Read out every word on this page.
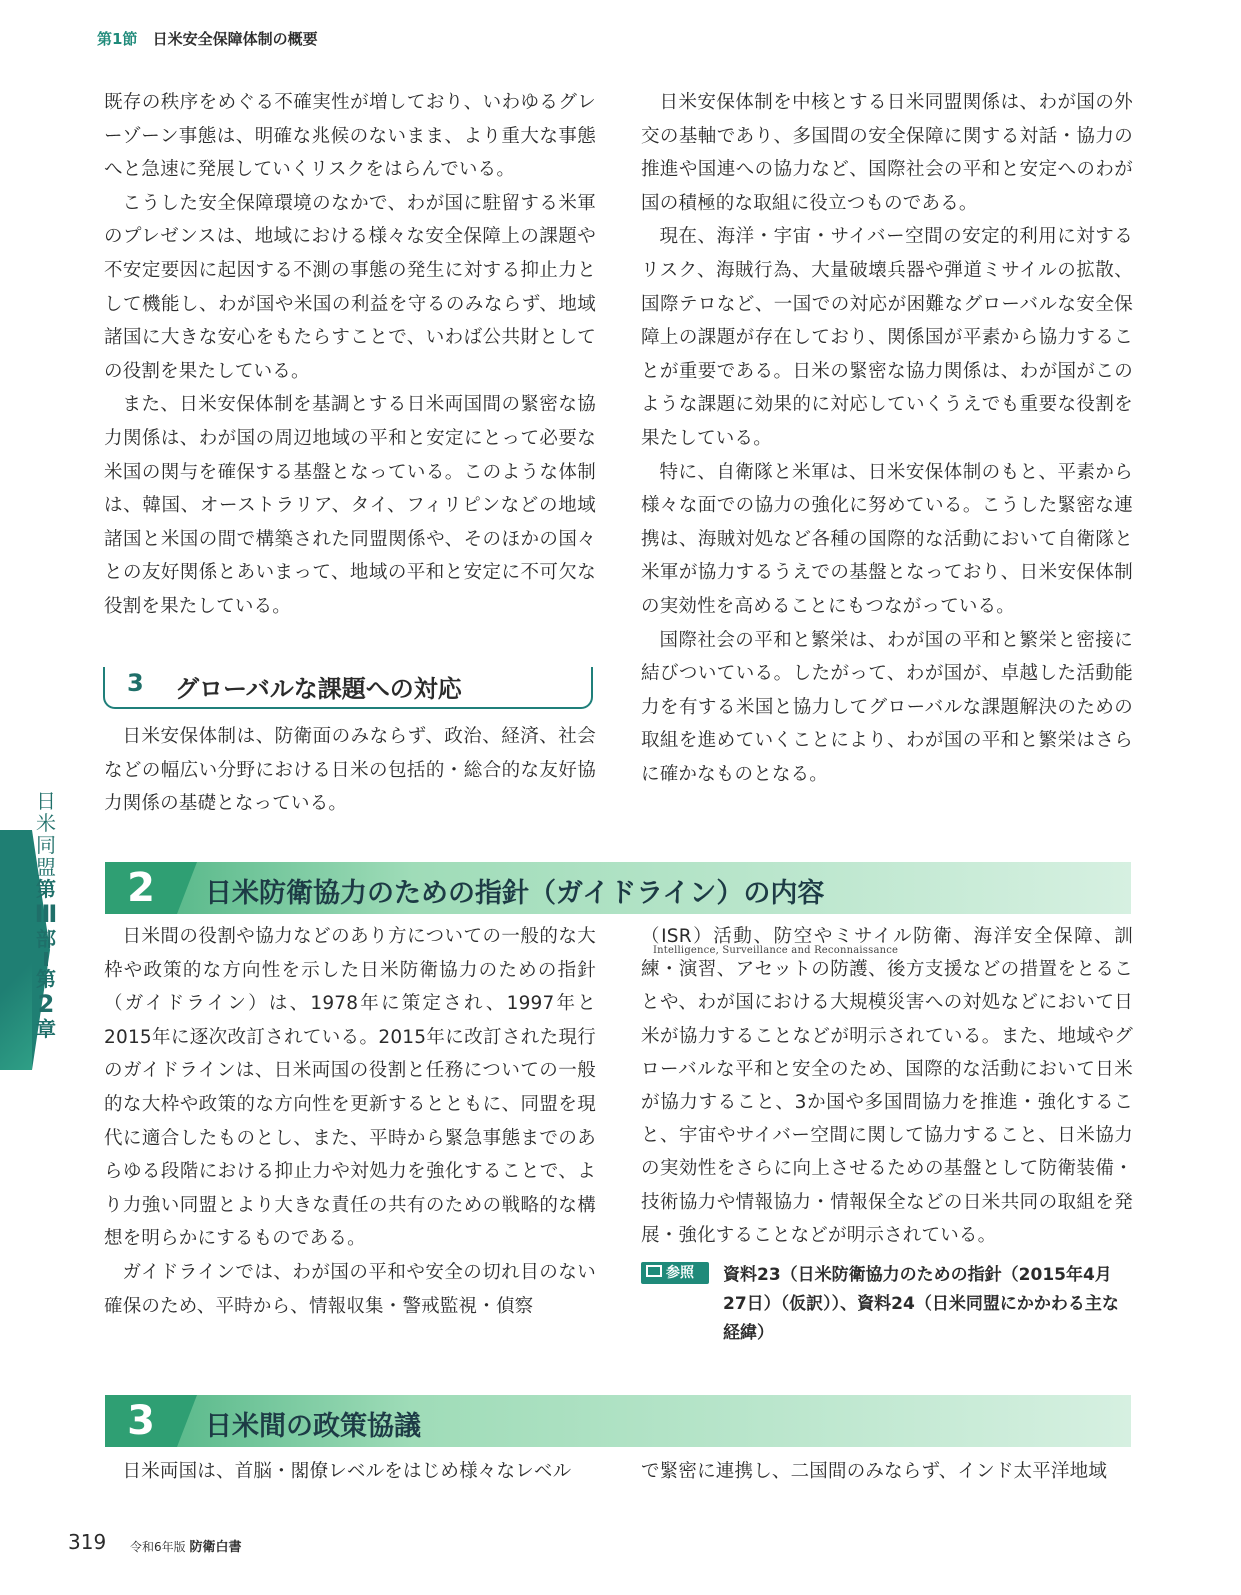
第1節 日米安全保障体制の概要
日米同盟
第
Ⅲ
部
第
2
章

既存の秩序をめぐる不確実性が増しており、いわゆるグレーゾーン事態は、明確な兆候のないまま、より重大な事態へと急速に発展していくリスクをはらんでいる。

こうした安全保障環境のなかで、わが国に駐留する米軍のプレゼンスは、地域における様々な安全保障上の課題や不安定要因に起因する不測の事態の発生に対する抑止力として機能し、わが国や米国の利益を守るのみならず、地域諸国に大きな安心をもたらすことで、いわば公共財としての役割を果たしている。

また、日米安保体制を基調とする日米両国間の緊密な協力関係は、わが国の周辺地域の平和と安定にとって必要な米国の関与を確保する基盤となっている。このような体制は、韓国、オーストラリア、タイ、フィリピンなどの地域諸国と米国の間で構築された同盟関係や、そのほかの国々との友好関係とあいまって、地域の平和と安定に不可欠な役割を果たしている。

3 グローバルな課題への対応

日米安保体制は、防衛面のみならず、政治、経済、社会などの幅広い分野における日米の包括的・総合的な友好協力関係の基礎となっている。

日米安保体制を中核とする日米同盟関係は、わが国の外交の基軸であり、多国間の安全保障に関する対話・協力の推進や国連への協力など、国際社会の平和と安定へのわが国の積極的な取組に役立つものである。

現在、海洋・宇宙・サイバー空間の安定的利用に対するリスク、海賊行為、大量破壊兵器や弾道ミサイルの拡散、国際テロなど、一国での対応が困難なグローバルな安全保障上の課題が存在しており、関係国が平素から協力することが重要である。日米の緊密な協力関係は、わが国がこのような課題に効果的に対応していくうえでも重要な役割を果たしている。

特に、自衛隊と米軍は、日米安保体制のもと、平素から様々な面での協力の強化に努めている。こうした緊密な連携は、海賊対処など各種の国際的な活動において自衛隊と米軍が協力するうえでの基盤となっており、日米安保体制の実効性を高めることにもつながっている。

国際社会の平和と繁栄は、わが国の平和と繁栄と密接に結びついている。したがって、わが国が、卓越した活動能力を有する米国と協力してグローバルな課題解決のための取組を進めていくことにより、わが国の平和と繁栄はさらに確かなものとなる。

2	日米防衛協力のための指針（ガイドライン）の内容

日米間の役割や協力などのあり方についての一般的な大枠や政策的な方向性を示した日米防衛協力のための指針（ガイドライン）は、1978年に策定され、1997年と2015年に逐次改訂されている。2015年に改訂された現行のガイドラインは、日米両国の役割と任務についての一般的な大枠や政策的な方向性を更新するとともに、同盟を現代に適合したものとし、また、平時から緊急事態までのあらゆる段階における抑止力や対処力を強化することで、より力強い同盟とより大きな責任の共有のための戦略的な構想を明らかにするものである。

ガイドラインでは、わが国の平和や安全の切れ目のない確保のため、平時から、情報収集・警戒監視・偵察

（ISR）活動、防空やミサイル防衛、海洋安全保障、訓練・演習、アセットの防護、後方支援などの措置をとることや、わが国における大規模災害への対処などにおいて日米が協力することなどが明示されている。また、地域やグローバルな平和と安全のため、国際的な活動において日米が協力すること、3か国や多国間協力を推進・強化すること、宇宙やサイバー空間に関して協力すること、日米協力の実効性をさらに向上させるための基盤として防衛装備・技術協力や情報協力・情報保全などの日米共同の取組を発展・強化することなどが明示されている。

Intelligence, Surveillance and Reconnaissance
参照	資料23（日米防衛協力のための指針（2015年4月27日）（仮訳））、資料24（日米同盟にかかわる主な経緯）
3	日米間の政策協議

日米両国は、首脳・閣僚レベルをはじめ様々なレベル	で緊密に連携し、二国間のみならず、インド太平洋地域

319 令和6年版 防衛白書
